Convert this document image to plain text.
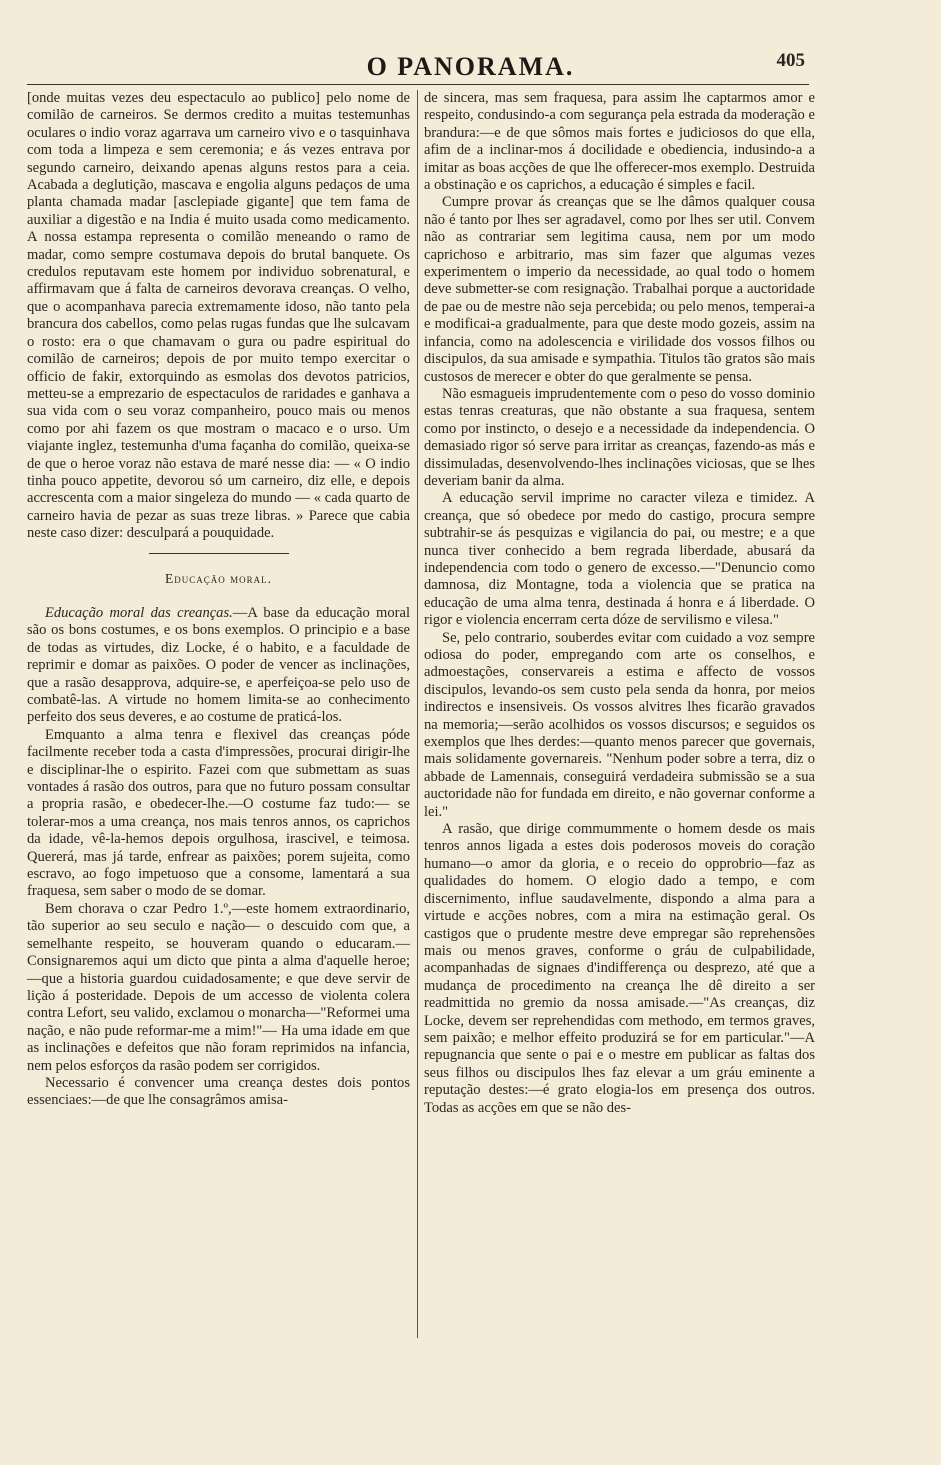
O PANORAMA.	405

[onde muitas vezes deu espectaculo ao publico] pelo nome de comilão de carneiros. Se dermos credito a muitas testemunhas oculares o indio voraz agarrava um carneiro vivo e o tasquinhava com toda a limpeza e sem ceremonia; e ás vezes entrava por segundo carneiro, deixando apenas alguns restos para a ceia. Acabada a deglutição, mascava e engolia alguns pedaços de uma planta chamada madar [asclepiade gigante] que tem fama de auxiliar a digestão e na India é muito usada como medicamento. A nossa estampa representa o comilão meneando o ramo de madar, como sempre costumava depois do brutal banquete. Os credulos reputavam este homem por individuo sobrenatural, e affirmavam que á falta de carneiros devorava creanças. O velho, que o acompanhava parecia extremamente idoso, não tanto pela brancura dos cabellos, como pelas rugas fundas que lhe sulcavam o rosto: era o que chamavam o gura ou padre espiritual do comilão de carneiros; depois de por muito tempo exercitar o officio de fakir, extorquindo as esmolas dos devotos patricios, metteu-se a emprezario de espectaculos de raridades e ganhava a sua vida com o seu voraz companheiro, pouco mais ou menos como por ahi fazem os que mostram o macaco e o urso. Um viajante inglez, testemunha d'uma façanha do comilão, queixa-se de que o heroe voraz não estava de maré nesse dia: — « O indio tinha pouco appetite, devorou só um carneiro, diz elle, e depois accrescenta com a maior singeleza do mundo — « cada quarto de carneiro havia de pezar as suas treze libras. » Parece que cabia neste caso dizer: desculpará a pouquidade.

Educação moral.

Educação moral das creanças.—A base da educação moral são os bons costumes, e os bons exemplos. O principio e a base de todas as virtudes, diz Locke, é o habito, e a faculdade de reprimir e domar as paixões. O poder de vencer as inclinações, que a rasão desapprova, adquire-se, e aperfeiçoa-se pelo uso de combatê-las. A virtude no homem limita-se ao conhecimento perfeito dos seus deveres, e ao costume de praticá-los.

Emquanto a alma tenra e flexivel das creanças póde facilmente receber toda a casta d'impressões, procurai dirigir-lhe e disciplinar-lhe o espirito. Fazei com que submettam as suas vontades á rasão dos outros, para que no futuro possam consultar a propria rasão, e obedecer-lhe.—O costume faz tudo:— se tolerar-mos a uma creança, nos mais tenros annos, os caprichos da idade, vê-la-hemos depois orgulhosa, irascivel, e teimosa. Quererá, mas já tarde, enfrear as paixões; porem sujeita, como escravo, ao fogo impetuoso que a consome, lamentará a sua fraquesa, sem saber o modo de se domar.

Bem chorava o czar Pedro 1.º,—este homem extraordinario, tão superior ao seu seculo e nação— o descuido com que, a semelhante respeito, se houveram quando o educaram.—Consignaremos aqui um dicto que pinta a alma d'aquelle heroe;—que a historia guardou cuidadosamente; e que deve servir de lição á posteridade. Depois de um accesso de violenta colera contra Lefort, seu valido, exclamou o monarcha—"Reformei uma nação, e não pude reformar-me a mim!"— Ha uma idade em que as inclinações e defeitos que não foram reprimidos na infancia, nem pelos esforços da rasão podem ser corrigidos.

Necessario é convencer uma creança destes dois pontos essenciaes:—de que lhe consagrâmos amisa-

de sincera, mas sem fraquesa, para assim lhe captarmos amor e respeito, condusindo-a com segurança pela estrada da moderação e brandura:—e de que sômos mais fortes e judiciosos do que ella, afim de a inclinar-mos á docilidade e obediencia, indusindo-a a imitar as boas acções de que lhe offerecer-mos exemplo. Destruida a obstinação e os caprichos, a educação é simples e facil.

Cumpre provar ás creanças que se lhe dâmos qualquer cousa não é tanto por lhes ser agradavel, como por lhes ser util. Convem não as contrariar sem legitima causa, nem por um modo caprichoso e arbitrario, mas sim fazer que algumas vezes experimentem o imperio da necessidade, ao qual todo o homem deve submetter-se com resignação. Trabalhai porque a auctoridade de pae ou de mestre não seja percebida; ou pelo menos, temperai-a e modificai-a gradualmente, para que deste modo gozeis, assim na infancia, como na adolescencia e virilidade dos vossos filhos ou discipulos, da sua amisade e sympathia. Titulos tão gratos são mais custosos de merecer e obter do que geralmente se pensa.

Não esmagueis imprudentemente com o peso do vosso dominio estas tenras creaturas, que não obstante a sua fraquesa, sentem como por instincto, o desejo e a necessidade da independencia. O demasiado rigor só serve para irritar as creanças, fazendo-as más e dissimuladas, desenvolvendo-lhes inclinações viciosas, que se lhes deveriam banir da alma.

A educação servil imprime no caracter vileza e timidez. A creança, que só obedece por medo do castigo, procura sempre subtrahir-se ás pesquizas e vigilancia do pai, ou mestre; e a que nunca tiver conhecido a bem regrada liberdade, abusará da independencia com todo o genero de excesso.—"Denuncio como damnosa, diz Montagne, toda a violencia que se pratica na educação de uma alma tenra, destinada á honra e á liberdade. O rigor e violencia encerram certa dóze de servilismo e vilesa."

Se, pelo contrario, souberdes evitar com cuidado a voz sempre odiosa do poder, empregando com arte os conselhos, e admoestações, conservareis a estima e affecto de vossos discipulos, levando-os sem custo pela senda da honra, por meios indirectos e insensiveis. Os vossos alvitres lhes ficarão gravados na memoria;—serão acolhidos os vossos discursos; e seguidos os exemplos que lhes derdes:—quanto menos parecer que governais, mais solidamente governareis. "Nenhum poder sobre a terra, diz o abbade de Lamennais, conseguirá verdadeira submissão se a sua auctoridade não for fundada em direito, e não governar conforme a lei."

A rasão, que dirige commummente o homem desde os mais tenros annos ligada a estes dois poderosos moveis do coração humano—o amor da gloria, e o receio do opprobrio—faz as qualidades do homem. O elogio dado a tempo, e com discernimento, influe saudavelmente, dispondo a alma para a virtude e acções nobres, com a mira na estimação geral. Os castigos que o prudente mestre deve empregar são reprehensões mais ou menos graves, conforme o gráu de culpabilidade, acompanhadas de signaes d'indifferença ou desprezo, até que a mudança de procedimento na creança lhe dê direito a ser readmittida no gremio da nossa amisade.—"As creanças, diz Locke, devem ser reprehendidas com methodo, em termos graves, sem paixão; e melhor effeito produzirá se for em particular."—A repugnancia que sente o pai e o mestre em publicar as faltas dos seus filhos ou discipulos lhes faz elevar a um gráu eminente a reputação destes:—é grato elogia-los em presença dos outros. Todas as acções em que se não des-
